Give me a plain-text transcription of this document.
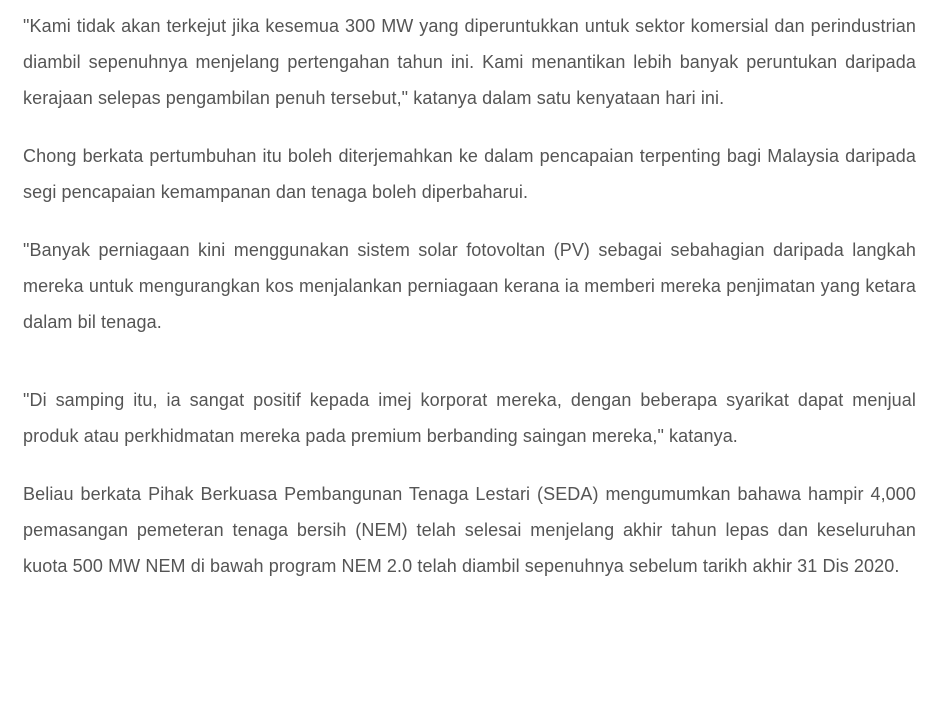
"Kami tidak akan terkejut jika kesemua 300 MW yang diperuntukkan untuk sektor komersial dan perindustrian diambil sepenuhnya menjelang pertengahan tahun ini. Kami menantikan lebih banyak peruntukan daripada kerajaan selepas pengambilan penuh tersebut," katanya dalam satu kenyataan hari ini.

Chong berkata pertumbuhan itu boleh diterjemahkan ke dalam pencapaian terpenting bagi Malaysia daripada segi pencapaian kemampanan dan tenaga boleh diperbaharui.

"Banyak perniagaan kini menggunakan sistem solar fotovoltan (PV) sebagai sebahagian daripada langkah mereka untuk mengurangkan kos menjalankan perniagaan kerana ia memberi mereka penjimatan yang ketara dalam bil tenaga.

"Di samping itu, ia sangat positif kepada imej korporat mereka, dengan beberapa syarikat dapat menjual produk atau perkhidmatan mereka pada premium berbanding saingan mereka," katanya.

Beliau berkata Pihak Berkuasa Pembangunan Tenaga Lestari (SEDA) mengumumkan bahawa hampir 4,000 pemasangan pemeteran tenaga bersih (NEM) telah selesai menjelang akhir tahun lepas dan keseluruhan kuota 500 MW NEM di bawah program NEM 2.0 telah diambil sepenuhnya sebelum tarikh akhir 31 Dis 2020.
